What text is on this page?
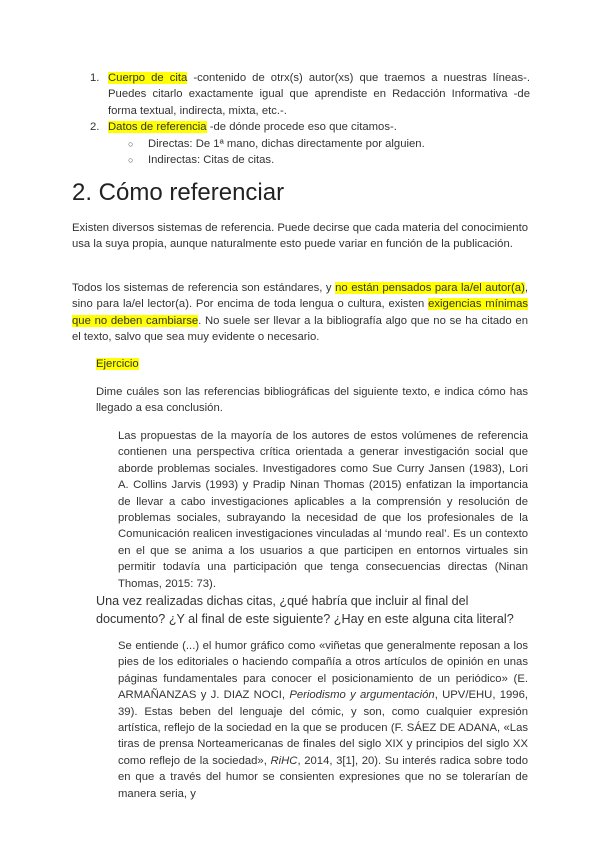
1. Cuerpo de cita -contenido de otrx(s) autor(xs) que traemos a nuestras líneas-. Puedes citarlo exactamente igual que aprendiste en Redacción Informativa -de forma textual, indirecta, mixta, etc.-.
2. Datos de referencia -de dónde procede eso que citamos-.
○ Directas: De 1ª mano, dichas directamente por alguien.
○ Indirectas: Citas de citas.
2. Cómo referenciar

Existen diversos sistemas de referencia. Puede decirse que cada materia del conocimiento usa la suya propia, aunque naturalmente esto puede variar en función de la publicación.

Todos los sistemas de referencia son estándares, y no están pensados para la/el autor(a), sino para la/el lector(a). Por encima de toda lengua o cultura, existen exigencias mínimas que no deben cambiarse. No suele ser llevar a la bibliografía algo que no se ha citado en el texto, salvo que sea muy evidente o necesario.

Ejercicio

Dime cuáles son las referencias bibliográficas del siguiente texto, e indica cómo has llegado a esa conclusión.

Las propuestas de la mayoría de los autores de estos volúmenes de referencia contienen una perspectiva crítica orientada a generar investigación social que aborde problemas sociales. Investigadores como Sue Curry Jansen (1983), Lori A. Collins Jarvis (1993) y Pradip Ninan Thomas (2015) enfatizan la importancia de llevar a cabo investigaciones aplicables a la comprensión y resolución de problemas sociales, subrayando la necesidad de que los profesionales de la Comunicación realicen investigaciones vinculadas al ‘mundo real’. Es un contexto en el que se anima a los usuarios a que participen en entornos virtuales sin permitir todavía una participación que tenga consecuencias directas (Ninan Thomas, 2015: 73).

Una vez realizadas dichas citas, ¿qué habría que incluir al final del documento? ¿Y al final de este siguiente? ¿Hay en este alguna cita literal?

Se entiende (...) el humor gráfico como «viñetas que generalmente reposan a los pies de los editoriales o haciendo compañía a otros artículos de opinión en unas páginas fundamentales para conocer el posicionamiento de un periódico» (E. ARMAÑANZAS y J. DIAZ NOCI, Periodismo y argumentación, UPV/EHU, 1996, 39). Estas beben del lenguaje del cómic, y son, como cualquier expresión artística, reflejo de la sociedad en la que se producen (F. SÁEZ DE ADANA, «Las tiras de prensa Norteamericanas de finales del siglo XIX y principios del siglo XX como reflejo de la sociedad», RiHC, 2014, 3[1], 20). Su interés radica sobre todo en que a través del humor se consienten expresiones que no se tolerarían de manera seria, y
